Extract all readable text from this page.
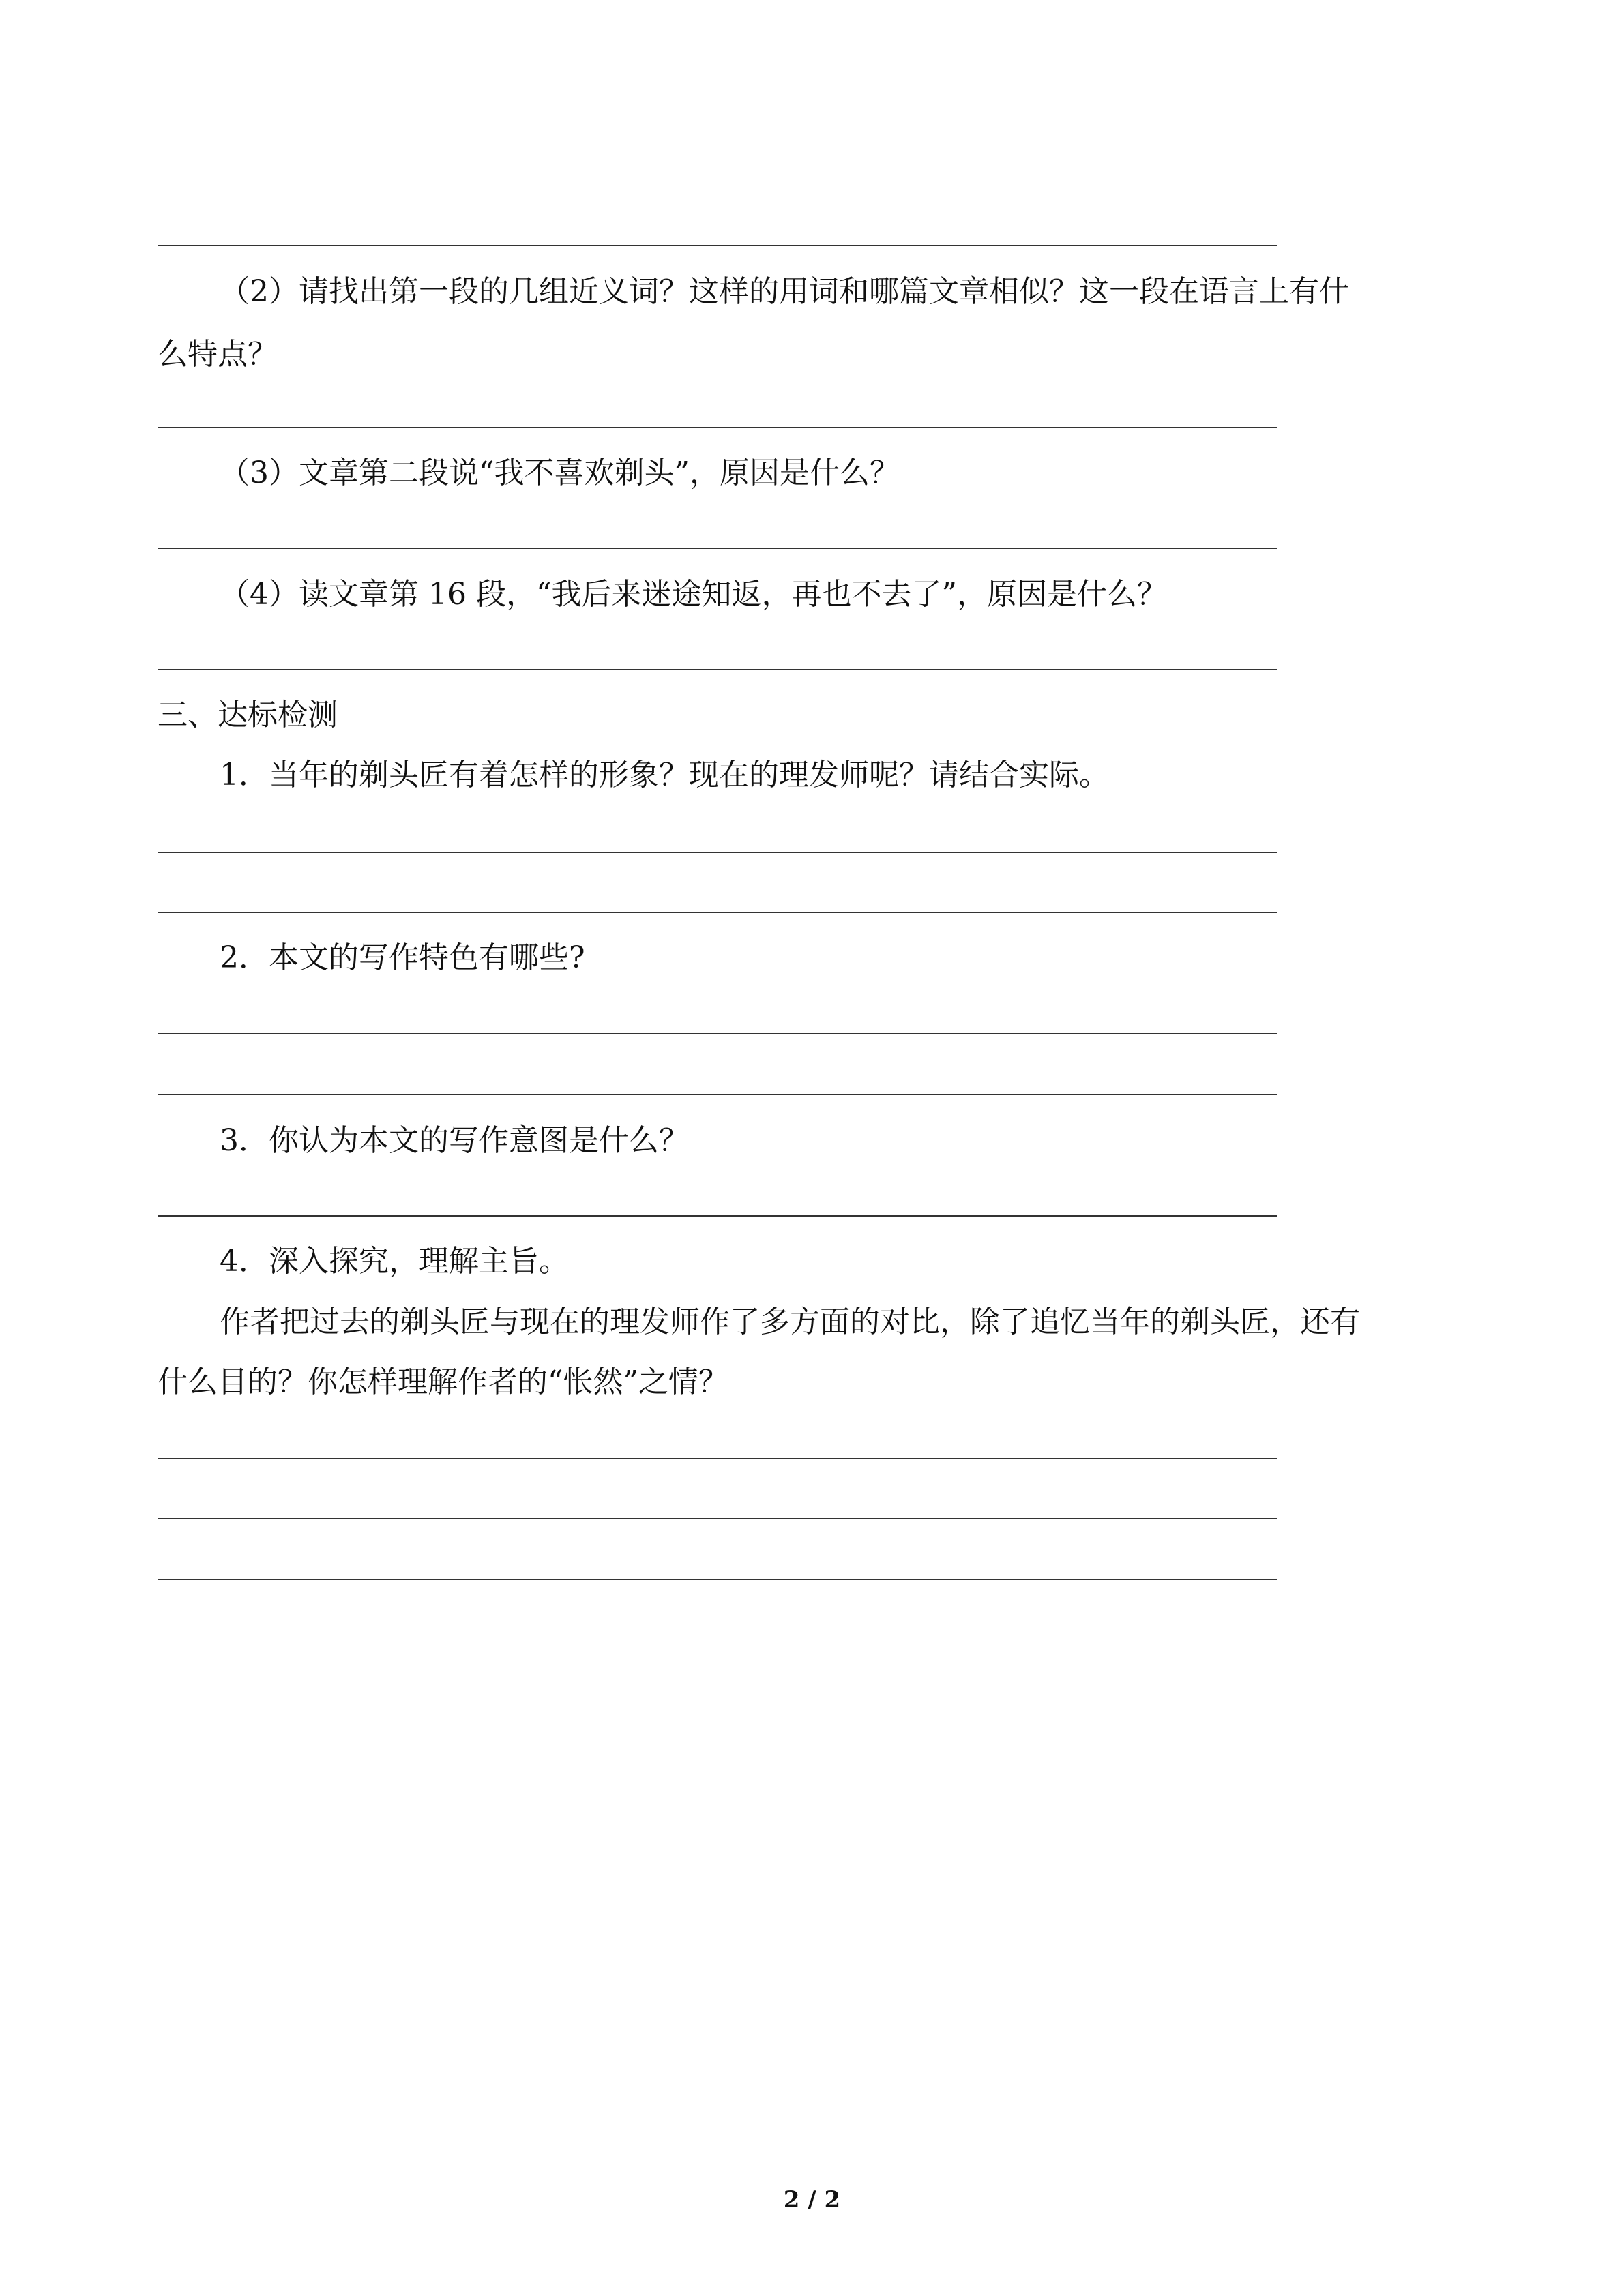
（2）请找出第一段的几组近义词？这样的用词和哪篇文章相似？这一段在语言上有什

么特点？

（3）文章第二段说“我不喜欢剃头”，原因是什么？

（4）读文章第 16 段，“我后来迷途知返，再也不去了”，原因是什么？

三、达标检测

1．当年的剃头匠有着怎样的形象？现在的理发师呢？请结合实际。

2．本文的写作特色有哪些?

3．你认为本文的写作意图是什么？

4．深入探究，理解主旨。

作者把过去的剃头匠与现在的理发师作了多方面的对比，除了追忆当年的剃头匠，还有

什么目的？你怎样理解作者的“怅然”之情？

2 / 2
